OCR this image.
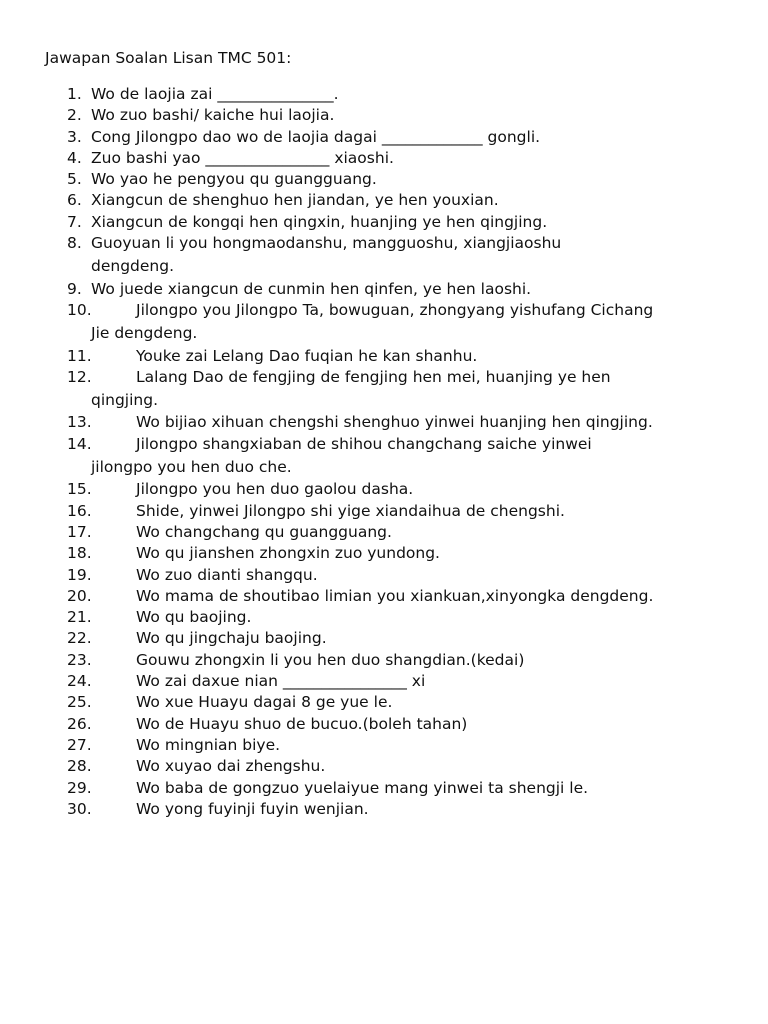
Jawapan Soalan Lisan TMC 501:
1. Wo de laojia zai _______________.
2. Wo zuo bashi/ kaiche hui laojia.
3. Cong Jilongpo dao wo de laojia dagai _____________ gongli.
4. Zuo bashi yao ________________ xiaoshi.
5. Wo yao he pengyou qu guangguang.
6. Xiangcun de shenghuo hen jiandan, ye hen youxian.
7. Xiangcun de kongqi hen qingxin, huanjing ye hen qingjing.
8. Guoyuan li you hongmaodanshu, mangguoshu, xiangjiaoshu
dengdeng.
9. Wo juede xiangcun de cunmin hen qinfen, ye hen laoshi.
10.	Jilongpo you Jilongpo Ta, bowuguan, zhongyang yishufang Cichang
Jie dengdeng.
11.	Youke zai Lelang Dao fuqian he kan shanhu.
12.	Lalang Dao de fengjing de fengjing hen mei, huanjing ye hen
qingjing.
13.	Wo bijiao xihuan chengshi shenghuo yinwei huanjing hen qingjing.
14.	Jilongpo shangxiaban de shihou changchang saiche yinwei
jilongpo you hen duo che.
15.	Jilongpo you hen duo gaolou dasha.
16.	Shide, yinwei Jilongpo shi yige xiandaihua de chengshi.
17.	Wo changchang qu guangguang.
18.	Wo qu jianshen zhongxin zuo yundong.
19.	Wo zuo dianti shangqu.
20.	Wo mama de shoutibao limian you xiankuan,xinyongka dengdeng.
21.	Wo qu baojing.
22.	Wo qu jingchaju baojing.
23.	Gouwu zhongxin li you hen duo shangdian.(kedai)
24.	Wo zai daxue nian ________________ xi
25.	Wo xue Huayu dagai 8 ge yue le.
26.	Wo de Huayu shuo de bucuo.(boleh tahan)
27.	Wo mingnian biye.
28.	Wo xuyao dai zhengshu.
29.	Wo baba de gongzuo yuelaiyue mang yinwei ta shengji le.
30.	Wo yong fuyinji fuyin wenjian.
